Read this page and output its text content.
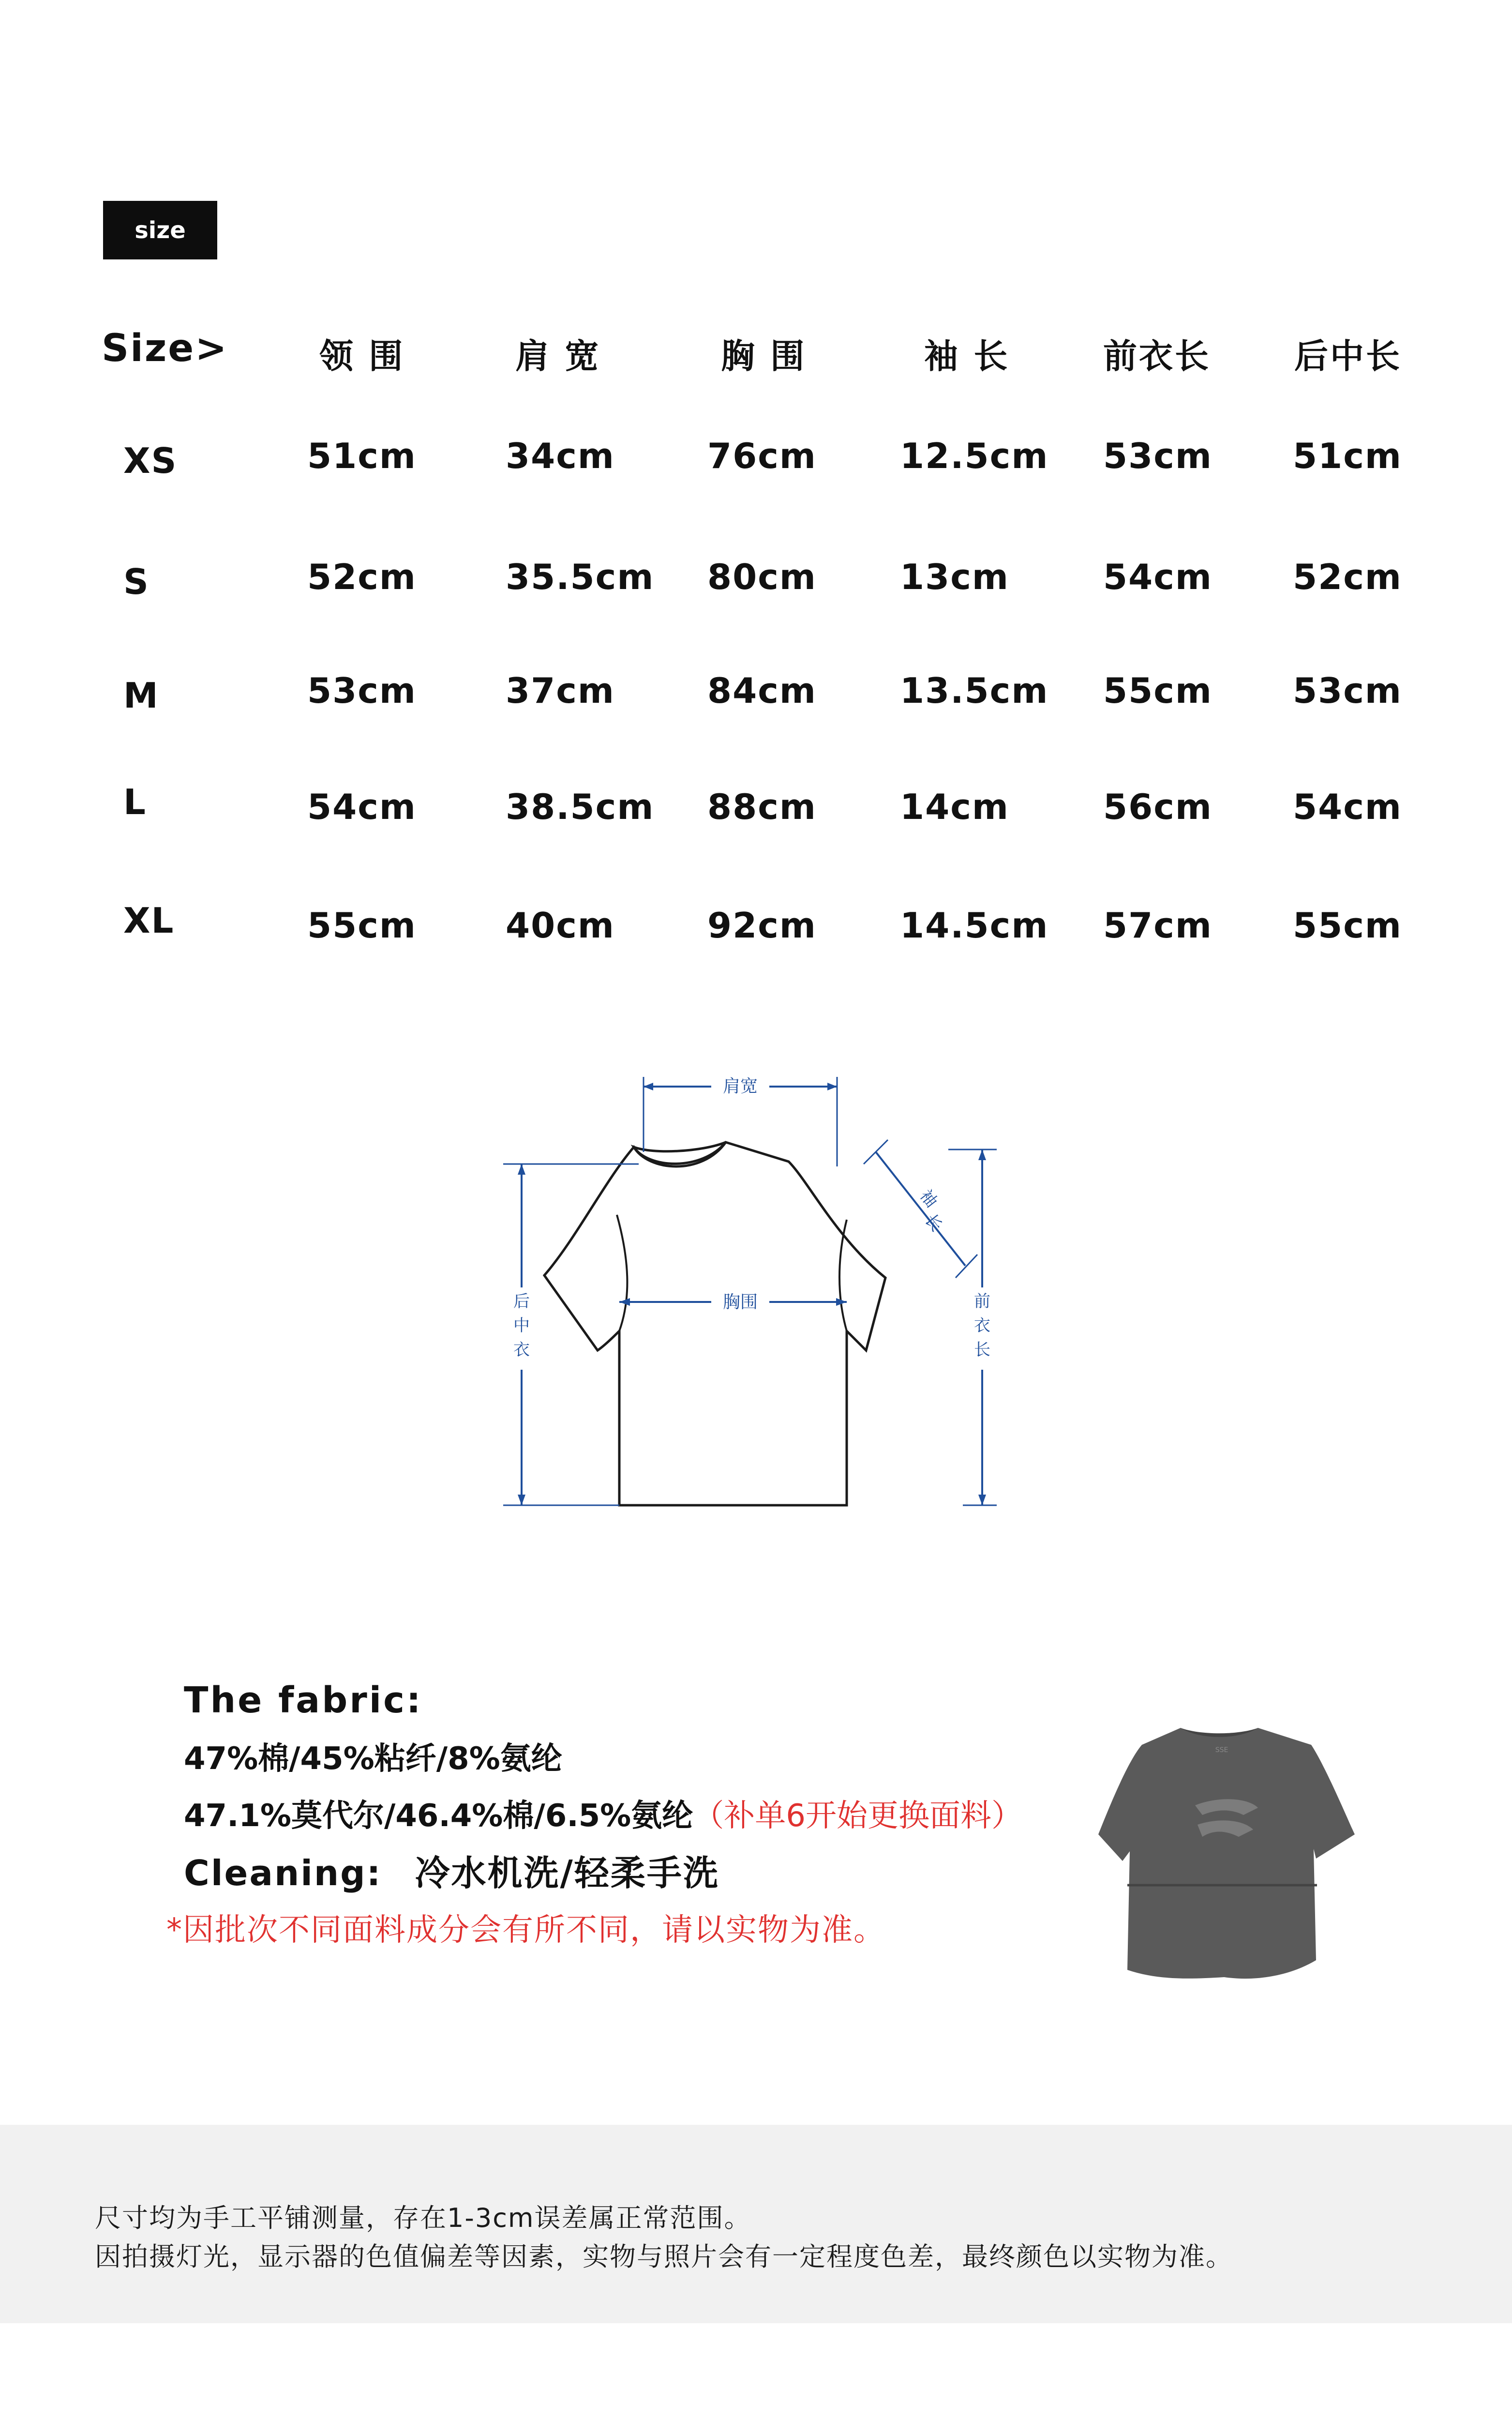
size
Size>	领 围	肩 宽	胸 围	袖 长	前衣长 后中长
XS	51cm	34cm	76cm 12.5cm 53cm 51cm
S	52cm	35.5cm 80cm 13cm	54cm 52cm
M	53cm	37cm	84cm 13.5cm 55cm 53cm
L	54cm	38.5cm 88cm 14cm	56cm 54cm
XL	55cm	40cm	92cm 14.5cm 57cm 55cm
肩宽
胸围
袖
长
前
衣
长
后
中
衣
The fabric:
47%棉/45%粘纤/8%氨纶
47.1%莫代尔/46.4%棉/6.5%氨纶（补单6开始更换面料）
Cleaning: 冷水机洗/轻柔手洗
*因批次不同面料成分会有所不同，请以实物为准。
SSE
尺寸均为手工平铺测量，存在1-3cm误差属正常范围。
因拍摄灯光，显示器的色值偏差等因素，实物与照片会有一定程度色差，最终颜色以实物为准。
